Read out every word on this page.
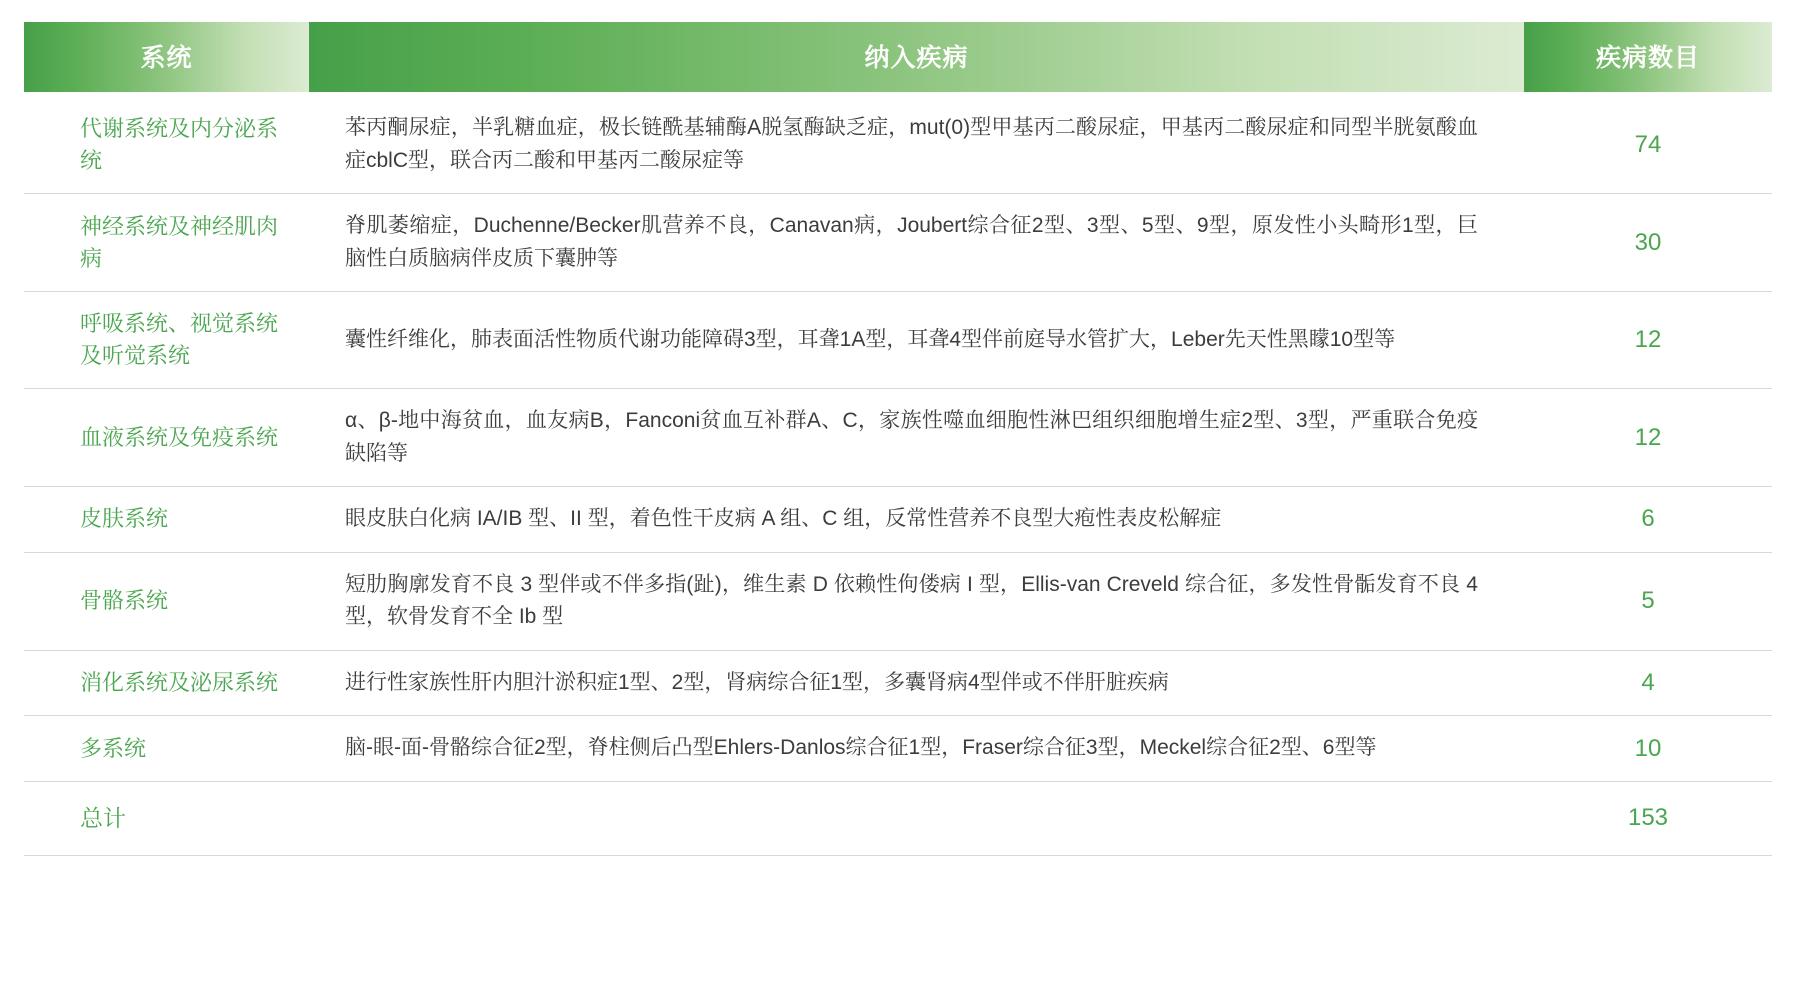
系统	纳入疾病	疾病数目
代谢系统及内分泌系统	苯丙酮尿症，半乳糖血症，极长链酰基辅酶A脱氢酶缺乏症，mut(0)型甲基丙二酸尿症，甲基丙二酸尿症和同型半胱氨酸血症cblC型，联合丙二酸和甲基丙二酸尿症等	74
神经系统及神经肌肉病	脊肌萎缩症，Duchenne/Becker肌营养不良，Canavan病，Joubert综合征2型、3型、5型、9型，原发性小头畸形1型，巨脑性白质脑病伴皮质下囊肿等	30
呼吸系统、视觉系统及听觉系统	囊性纤维化，肺表面活性物质代谢功能障碍3型，耳聋1A型，耳聋4型伴前庭导水管扩大，Leber先天性黑矇10型等	12
血液系统及免疫系统	α、β-地中海贫血，血友病B，Fanconi贫血互补群A、C，家族性噬血细胞性淋巴组织细胞增生症2型、3型，严重联合免疫缺陷等	12
皮肤系统	眼皮肤白化病 IA/IB 型、II 型，着色性干皮病 A 组、C 组，反常性营养不良型大疱性表皮松解症	6
骨骼系统	短肋胸廓发育不良 3 型伴或不伴多指(趾)，维生素 D 依赖性佝偻病 I 型，Ellis-van Creveld 综合征，多发性骨骺发育不良 4 型，软骨发育不全 Ib 型	5
消化系统及泌尿系统	进行性家族性肝内胆汁淤积症1型、2型，肾病综合征1型，多囊肾病4型伴或不伴肝脏疾病	4
多系统	脑-眼-面-骨骼综合征2型，脊柱侧后凸型Ehlers-Danlos综合征1型，Fraser综合征3型，Meckel综合征2型、6型等	10
总计		153
